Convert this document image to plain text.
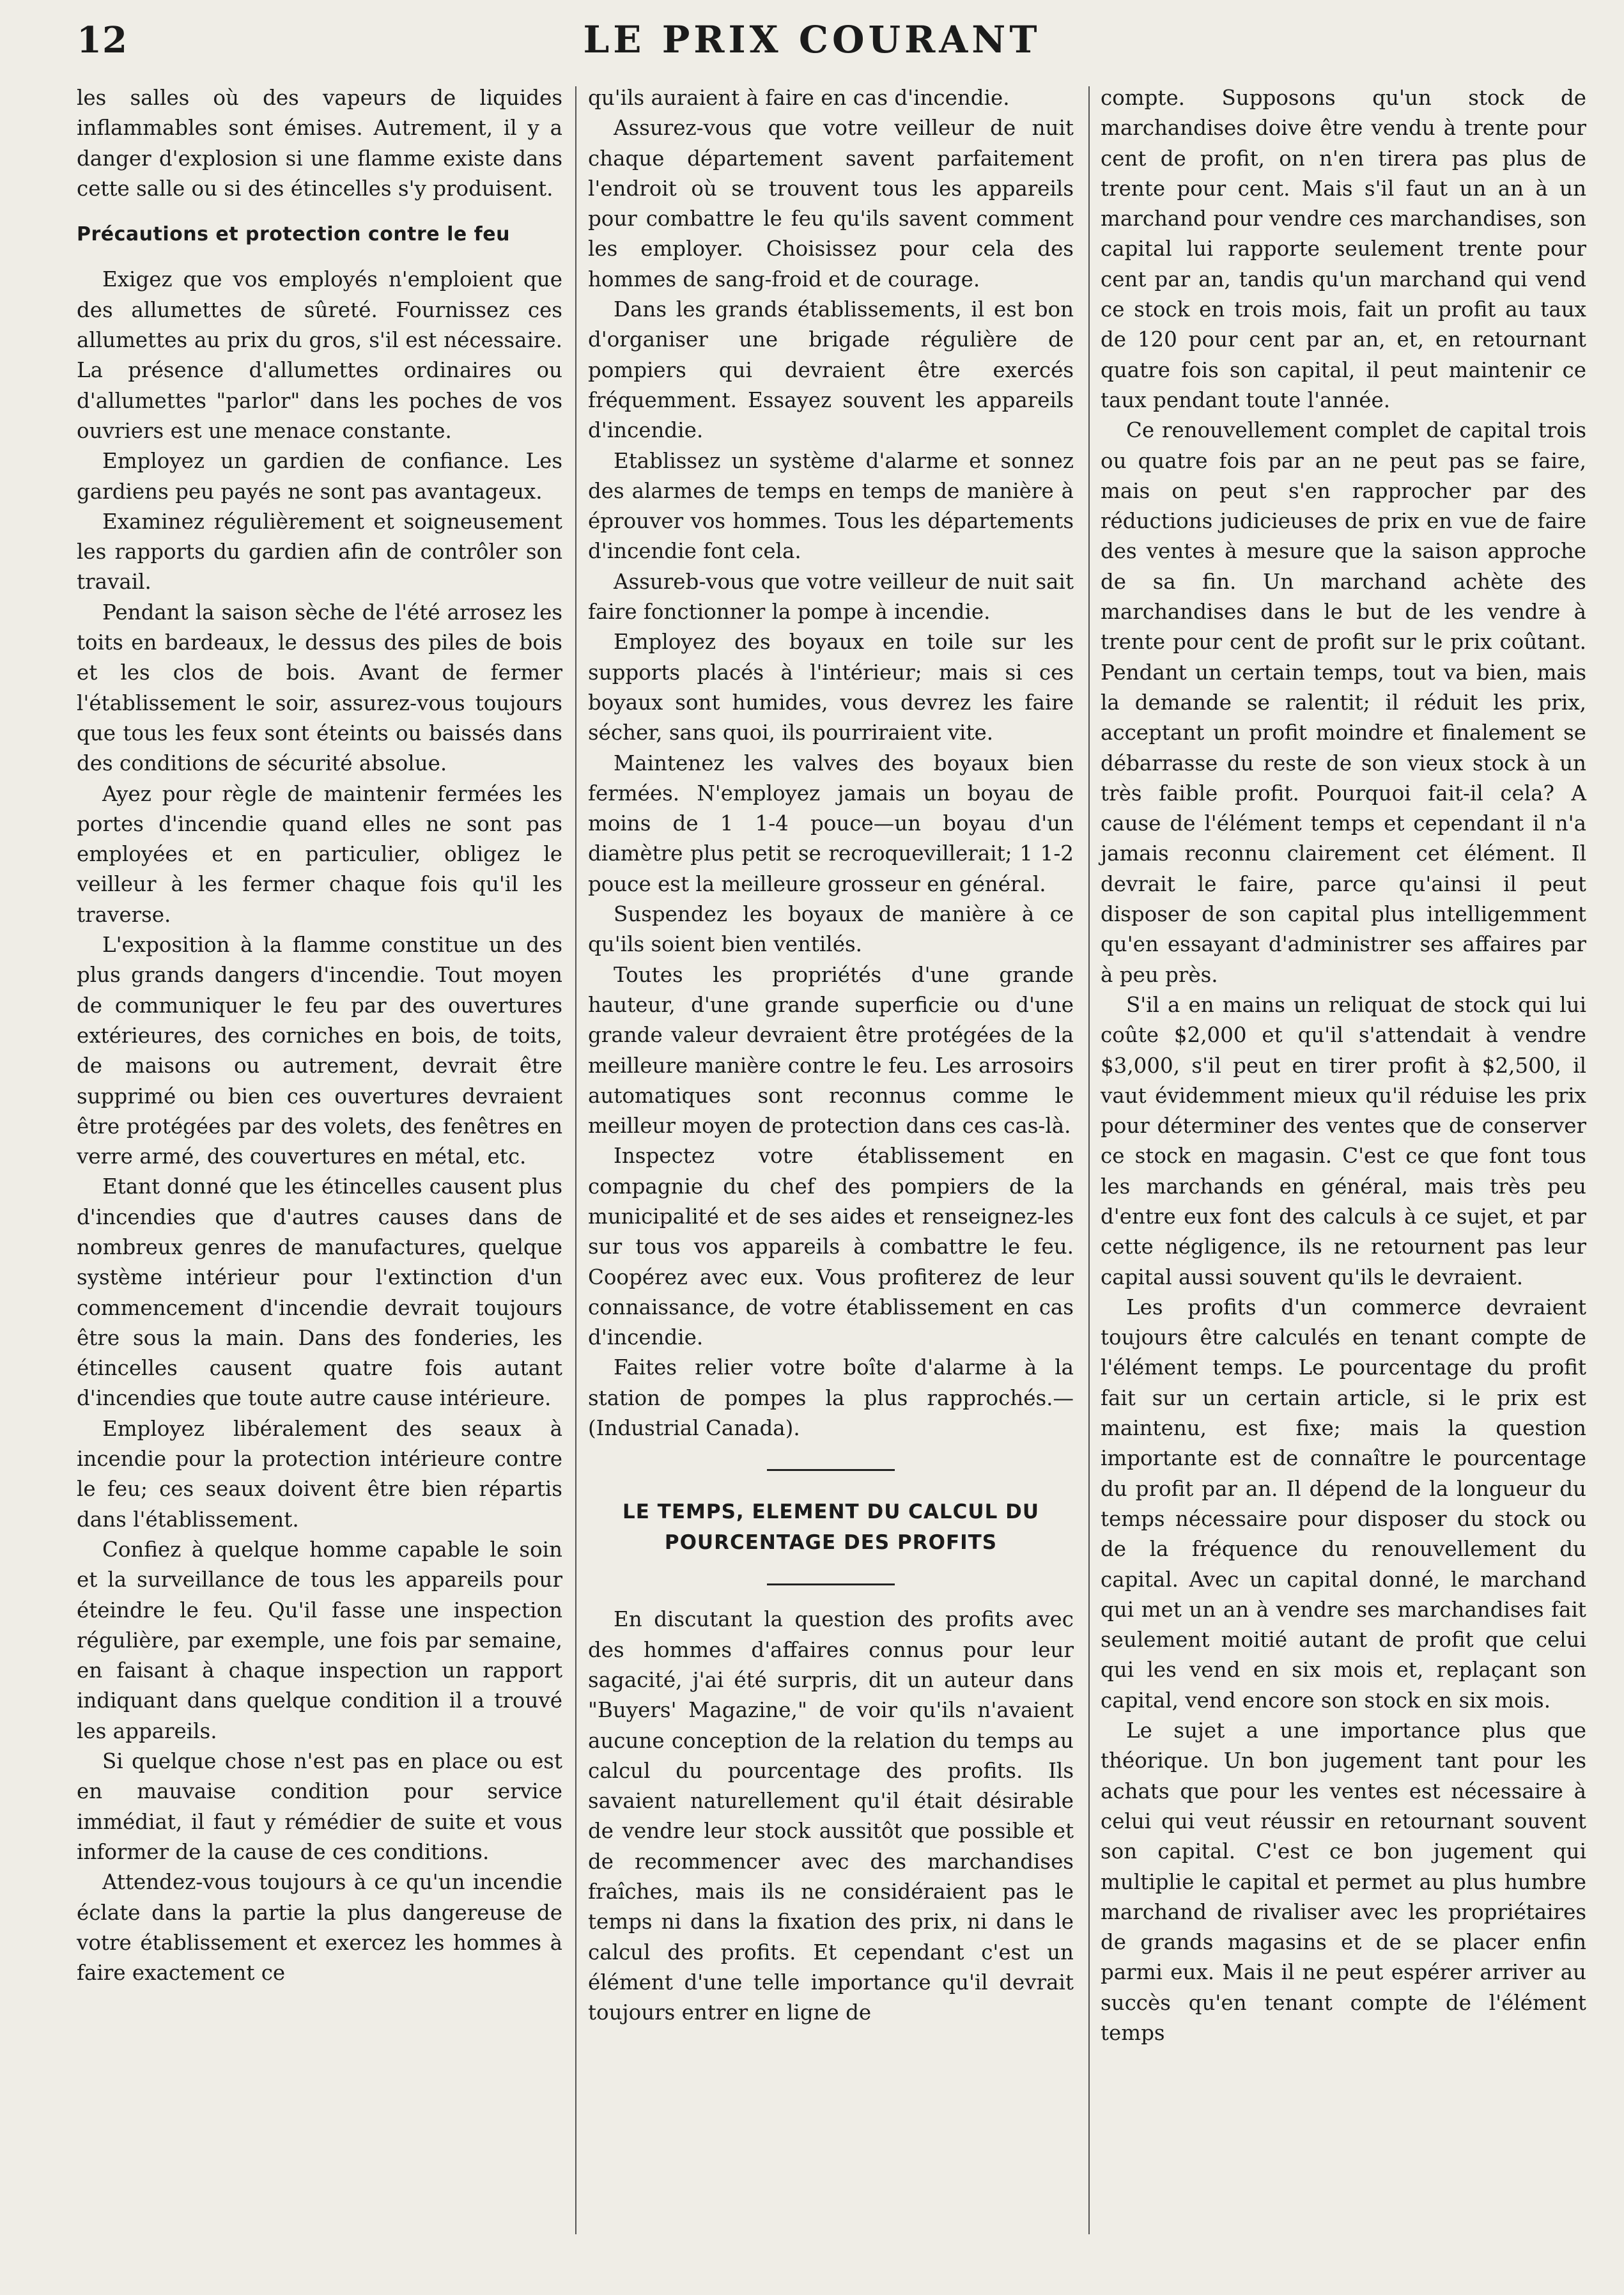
12	LE PRIX COURANT

les salles où des vapeurs de liquides inflammables sont émises. Autrement, il y a danger d'explosion si une flamme existe dans cette salle ou si des étincelles s'y produisent.

Précautions et protection contre le feu

Exigez que vos employés n'emploient que des allumettes de sûreté. Fournissez ces allumettes au prix du gros, s'il est nécessaire. La présence d'allumettes ordinaires ou d'allumettes "parlor" dans les poches de vos ouvriers est une menace constante.

Employez un gardien de confiance. Les gardiens peu payés ne sont pas avantageux.

Examinez régulièrement et soigneusement les rapports du gardien afin de contrôler son travail.

Pendant la saison sèche de l'été arrosez les toits en bardeaux, le dessus des piles de bois et les clos de bois. Avant de fermer l'établissement le soir, assurez-vous toujours que tous les feux sont éteints ou baissés dans des conditions de sécurité absolue.

Ayez pour règle de maintenir fermées les portes d'incendie quand elles ne sont pas employées et en particulier, obligez le veilleur à les fermer chaque fois qu'il les traverse.

L'exposition à la flamme constitue un des plus grands dangers d'incendie. Tout moyen de communiquer le feu par des ouvertures extérieures, des corniches en bois, de toits, de maisons ou autrement, devrait être supprimé ou bien ces ouvertures devraient être protégées par des volets, des fenêtres en verre armé, des couvertures en métal, etc.

Etant donné que les étincelles causent plus d'incendies que d'autres causes dans de nombreux genres de manufactures, quelque système intérieur pour l'extinction d'un commencement d'incendie devrait toujours être sous la main. Dans des fonderies, les étincelles causent quatre fois autant d'incendies que toute autre cause intérieure.

Employez libéralement des seaux à incendie pour la protection intérieure contre le feu; ces seaux doivent être bien répartis dans l'établissement.

Confiez à quelque homme capable le soin et la surveillance de tous les appareils pour éteindre le feu. Qu'il fasse une inspection régulière, par exemple, une fois par semaine, en faisant à chaque inspection un rapport indiquant dans quelque condition il a trouvé les appareils.

Si quelque chose n'est pas en place ou est en mauvaise condition pour service immédiat, il faut y rémédier de suite et vous informer de la cause de ces conditions.

Attendez-vous toujours à ce qu'un incendie éclate dans la partie la plus dangereuse de votre établissement et exercez les hommes à faire exactement ce

qu'ils auraient à faire en cas d'incendie.

Assurez-vous que votre veilleur de nuit chaque département savent parfaitement l'endroit où se trouvent tous les appareils pour combattre le feu qu'ils savent comment les employer. Choisissez pour cela des hommes de sang-froid et de courage.

Dans les grands établissements, il est bon d'organiser une brigade régulière de pompiers qui devraient être exercés fréquemment. Essayez souvent les appareils d'incendie.

Etablissez un système d'alarme et sonnez des alarmes de temps en temps de manière à éprouver vos hommes. Tous les départements d'incendie font cela.

Assureb-vous que votre veilleur de nuit sait faire fonctionner la pompe à incendie.

Employez des boyaux en toile sur les supports placés à l'intérieur; mais si ces boyaux sont humides, vous devrez les faire sécher, sans quoi, ils pourriraient vite.

Maintenez les valves des boyaux bien fermées. N'employez jamais un boyau de moins de 1 1-4 pouce—un boyau d'un diamètre plus petit se recroquevillerait; 1 1-2 pouce est la meilleure grosseur en général.

Suspendez les boyaux de manière à ce qu'ils soient bien ventilés.

Toutes les propriétés d'une grande hauteur, d'une grande superficie ou d'une grande valeur devraient être protégées de la meilleure manière contre le feu. Les arrosoirs automatiques sont reconnus comme le meilleur moyen de protection dans ces cas-là.

Inspectez votre établissement en compagnie du chef des pompiers de la municipalité et de ses aides et renseignez-les sur tous vos appareils à combattre le feu. Coopérez avec eux. Vous profiterez de leur connaissance, de votre établissement en cas d'incendie.

Faites relier votre boîte d'alarme à la station de pompes la plus rapprochés.—(Industrial Canada).

LE TEMPS, ELEMENT DU CALCUL DU POURCENTAGE DES PROFITS

En discutant la question des profits avec des hommes d'affaires connus pour leur sagacité, j'ai été surpris, dit un auteur dans "Buyers' Magazine," de voir qu'ils n'avaient aucune conception de la relation du temps au calcul du pourcentage des profits. Ils savaient naturellement qu'il était désirable de vendre leur stock aussitôt que possible et de recommencer avec des marchandises fraîches, mais ils ne considéraient pas le temps ni dans la fixation des prix, ni dans le calcul des profits. Et cependant c'est un élément d'une telle importance qu'il devrait toujours entrer en ligne de

compte. Supposons qu'un stock de marchandises doive être vendu à trente pour cent de profit, on n'en tirera pas plus de trente pour cent. Mais s'il faut un an à un marchand pour vendre ces marchandises, son capital lui rapporte seulement trente pour cent par an, tandis qu'un marchand qui vend ce stock en trois mois, fait un profit au taux de 120 pour cent par an, et, en retournant quatre fois son capital, il peut maintenir ce taux pendant toute l'année.

Ce renouvellement complet de capital trois ou quatre fois par an ne peut pas se faire, mais on peut s'en rapprocher par des réductions judicieuses de prix en vue de faire des ventes à mesure que la saison approche de sa fin. Un marchand achète des marchandises dans le but de les vendre à trente pour cent de profit sur le prix coûtant. Pendant un certain temps, tout va bien, mais la demande se ralentit; il réduit les prix, acceptant un profit moindre et finalement se débarrasse du reste de son vieux stock à un très faible profit. Pourquoi fait-il cela? A cause de l'élément temps et cependant il n'a jamais reconnu clairement cet élément. Il devrait le faire, parce qu'ainsi il peut disposer de son capital plus intelligemment qu'en essayant d'administrer ses affaires par à peu près.

S'il a en mains un reliquat de stock qui lui coûte $2,000 et qu'il s'attendait à vendre $3,000, s'il peut en tirer profit à $2,500, il vaut évidemment mieux qu'il réduise les prix pour déterminer des ventes que de conserver ce stock en magasin. C'est ce que font tous les marchands en général, mais très peu d'entre eux font des calculs à ce sujet, et par cette négligence, ils ne retournent pas leur capital aussi souvent qu'ils le devraient.

Les profits d'un commerce devraient toujours être calculés en tenant compte de l'élément temps. Le pourcentage du profit fait sur un certain article, si le prix est maintenu, est fixe; mais la question importante est de connaître le pourcentage du profit par an. Il dépend de la longueur du temps nécessaire pour disposer du stock ou de la fréquence du renouvellement du capital. Avec un capital donné, le marchand qui met un an à vendre ses marchandises fait seulement moitié autant de profit que celui qui les vend en six mois et, replaçant son capital, vend encore son stock en six mois.

Le sujet a une importance plus que théorique. Un bon jugement tant pour les achats que pour les ventes est nécessaire à celui qui veut réussir en retournant souvent son capital. C'est ce bon jugement qui multiplie le capital et permet au plus humbre marchand de rivaliser avec les propriétaires de grands magasins et de se placer enfin parmi eux. Mais il ne peut espérer arriver au succès qu'en tenant compte de l'élément temps
